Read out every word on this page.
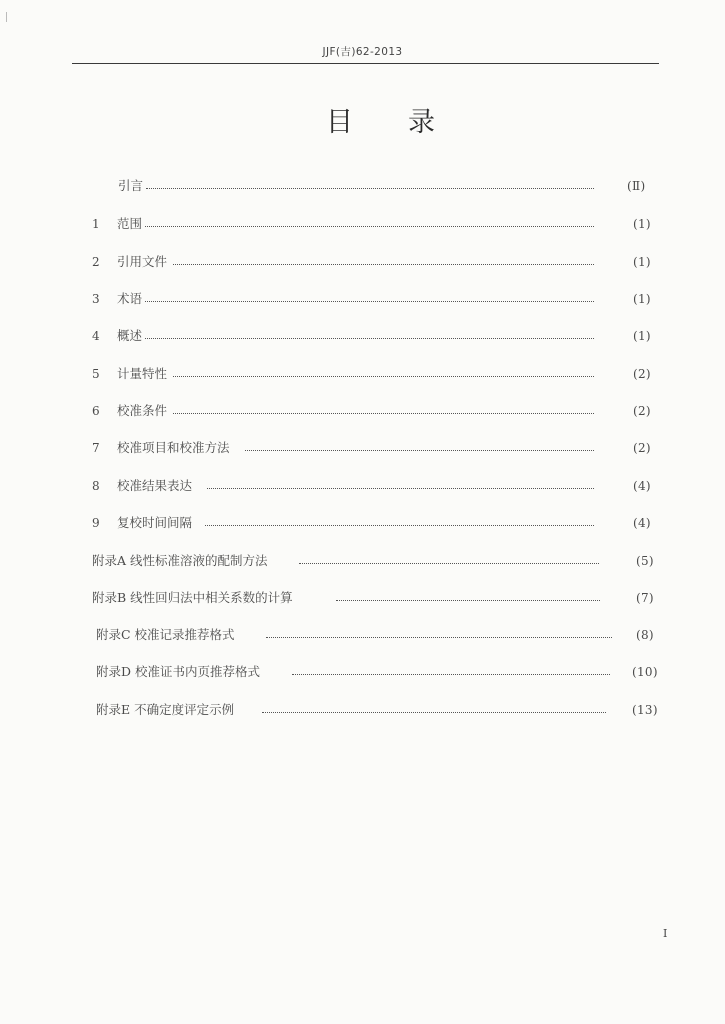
JJF(吉)62-2013
目 录
引言	(Ⅱ)
1 范围	(1)
2 引用文件	(1)
3 术语	(1)
4 概述	(1)
5 计量特性	(2)
6 校准条件	(2)
7 校准项目和校准方法	(2)
8 校准结果表达	(4)
9 复校时间间隔	(4)
附录A 线性标准溶液的配制方法	(5)
附录B 线性回归法中相关系数的计算	(7)
附录C 校准记录推荐格式	(8)
附录D 校准证书内页推荐格式	(10)
附录E 不确定度评定示例	(13)
I
